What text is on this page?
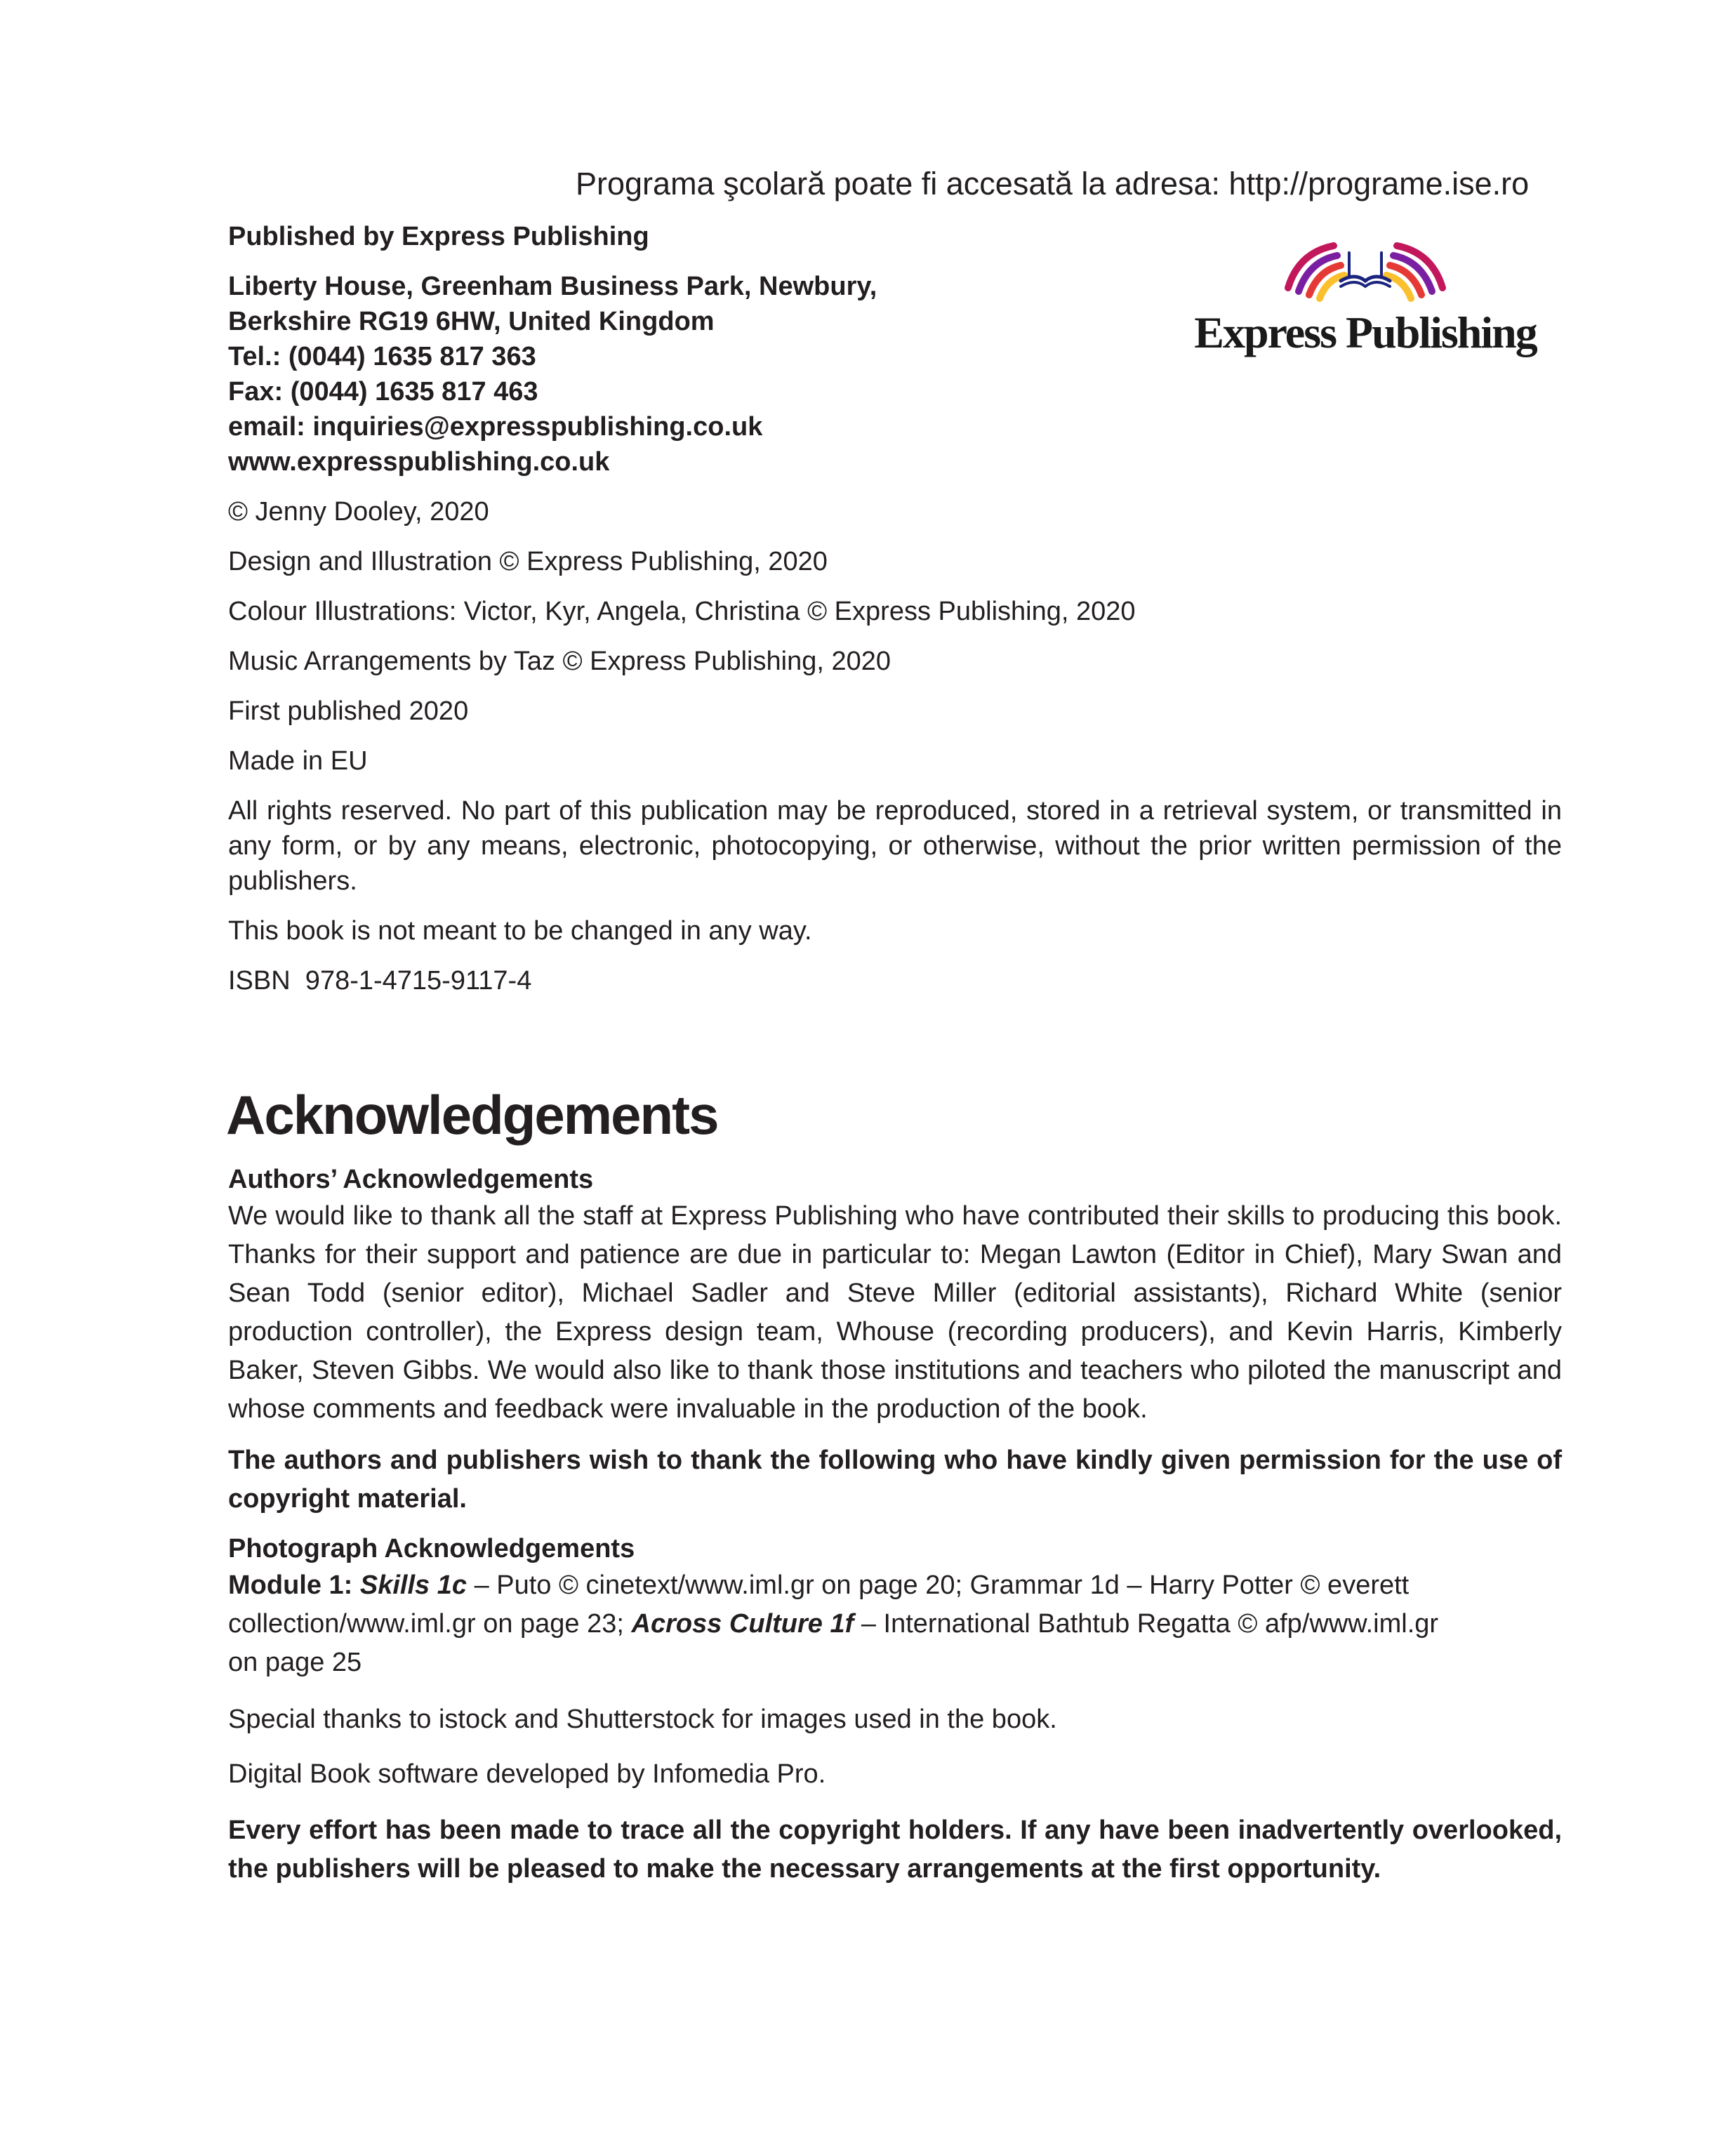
Programa şcolară poate fi accesată la adresa: http://programe.ise.ro
Express Publishing
Published by Express Publishing
Liberty House, Greenham Business Park, Newbury,
Berkshire RG19 6HW, United Kingdom
Tel.: (0044) 1635 817 363
Fax: (0044) 1635 817 463
email: inquiries@expresspublishing.co.uk
www.expresspublishing.co.uk
© Jenny Dooley, 2020
Design and Illustration © Express Publishing, 2020
Colour Illustrations: Victor, Kyr, Angela, Christina © Express Publishing, 2020
Music Arrangements by Taz © Express Publishing, 2020
First published 2020
Made in EU
All rights reserved. No part of this publication may be reproduced, stored in a retrieval system, or transmitted in any form, or by any means, electronic, photocopying, or otherwise, without the prior written permission of the publishers.
This book is not meant to be changed in any way.
ISBN  978-1-4715-9117-4
Acknowledgements
Authors’ Acknowledgements
We would like to thank all the staff at Express Publishing who have contributed their skills to producing this book. Thanks for their support and patience are due in particular to: Megan Lawton (Editor in Chief), Mary Swan and Sean Todd (senior editor), Michael Sadler and Steve Miller (editorial assistants), Richard White (senior production controller), the Express design team, Whouse (recording producers), and Kevin Harris, Kimberly Baker, Steven Gibbs. We would also like to thank those institutions and teachers who piloted the manuscript and whose comments and feedback were invaluable in the production of the book.
The authors and publishers wish to thank the following who have kindly given permission for the use of copyright material.
Photograph Acknowledgements
Module 1: Skills 1c – Puto © cinetext/www.iml.gr on page 20; Grammar 1d – Harry Potter © everett
collection/www.iml.gr on page 23; Across Culture 1f – International Bathtub Regatta © afp/www.iml.gr
on page 25
Special thanks to istock and Shutterstock for images used in the book.
Digital Book software developed by Infomedia Pro.
Every effort has been made to trace all the copyright holders. If any have been inadvertently overlooked, the publishers will be pleased to make the necessary arrangements at the first opportunity.
